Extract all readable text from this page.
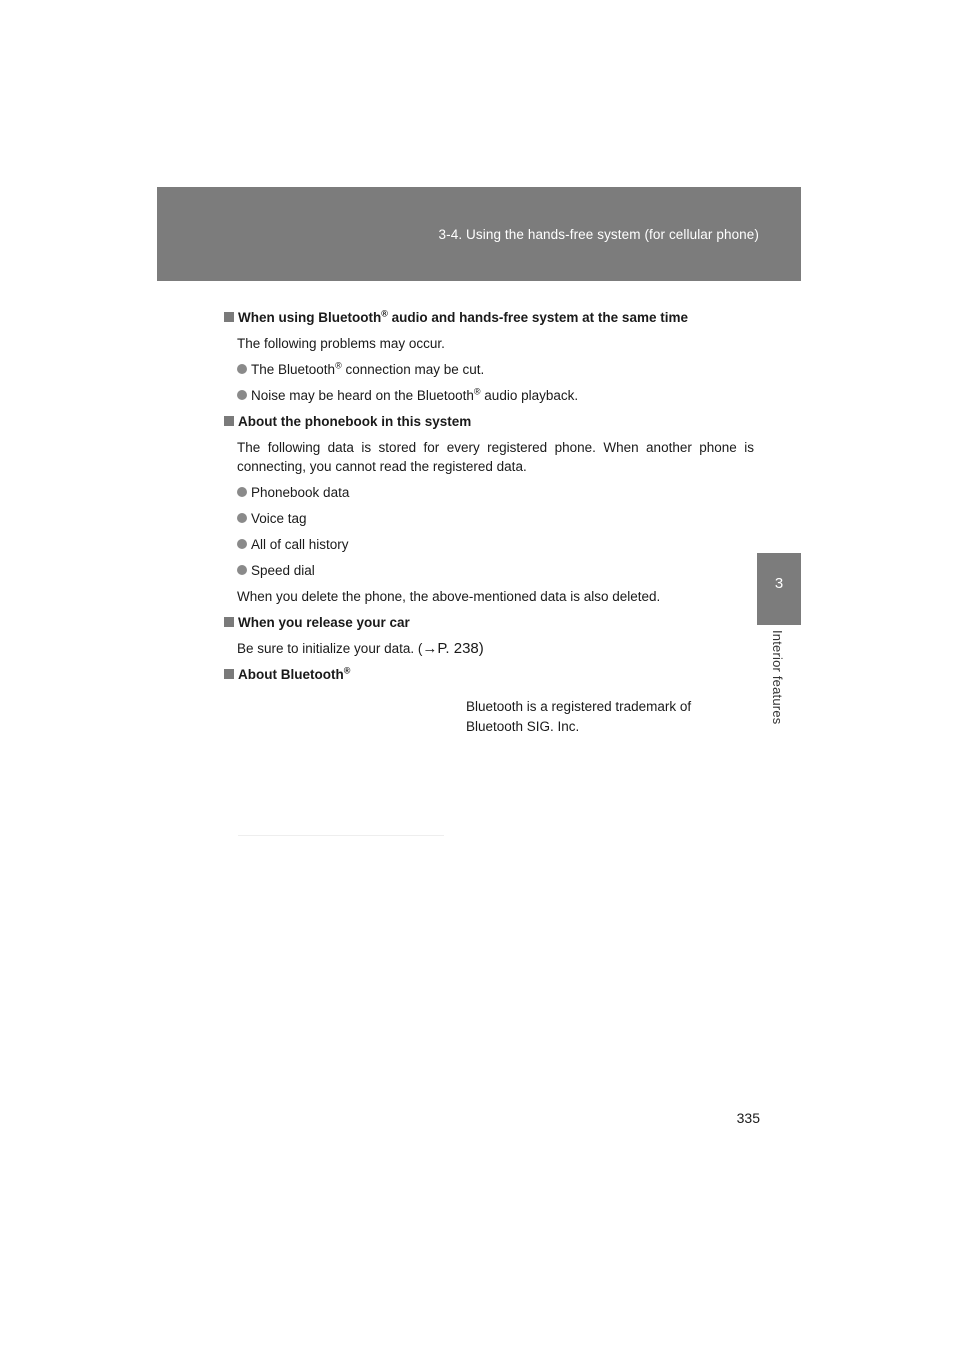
3-4. Using the hands-free system (for cellular phone)
3
Interior features
When using Bluetooth® audio and hands-free system at the same time
The following problems may occur.
The Bluetooth® connection may be cut.
Noise may be heard on the Bluetooth® audio playback.
About the phonebook in this system
The following data is stored for every registered phone. When another phone is connecting, you cannot read the registered data.
Phonebook data
Voice tag
All of call history
Speed dial
When you delete the phone, the above-mentioned data is also deleted.
When you release your car
Be sure to initialize your data. (→P. 238)
About Bluetooth®
Bluetooth is a registered trademark of
Bluetooth SIG. Inc.
335
